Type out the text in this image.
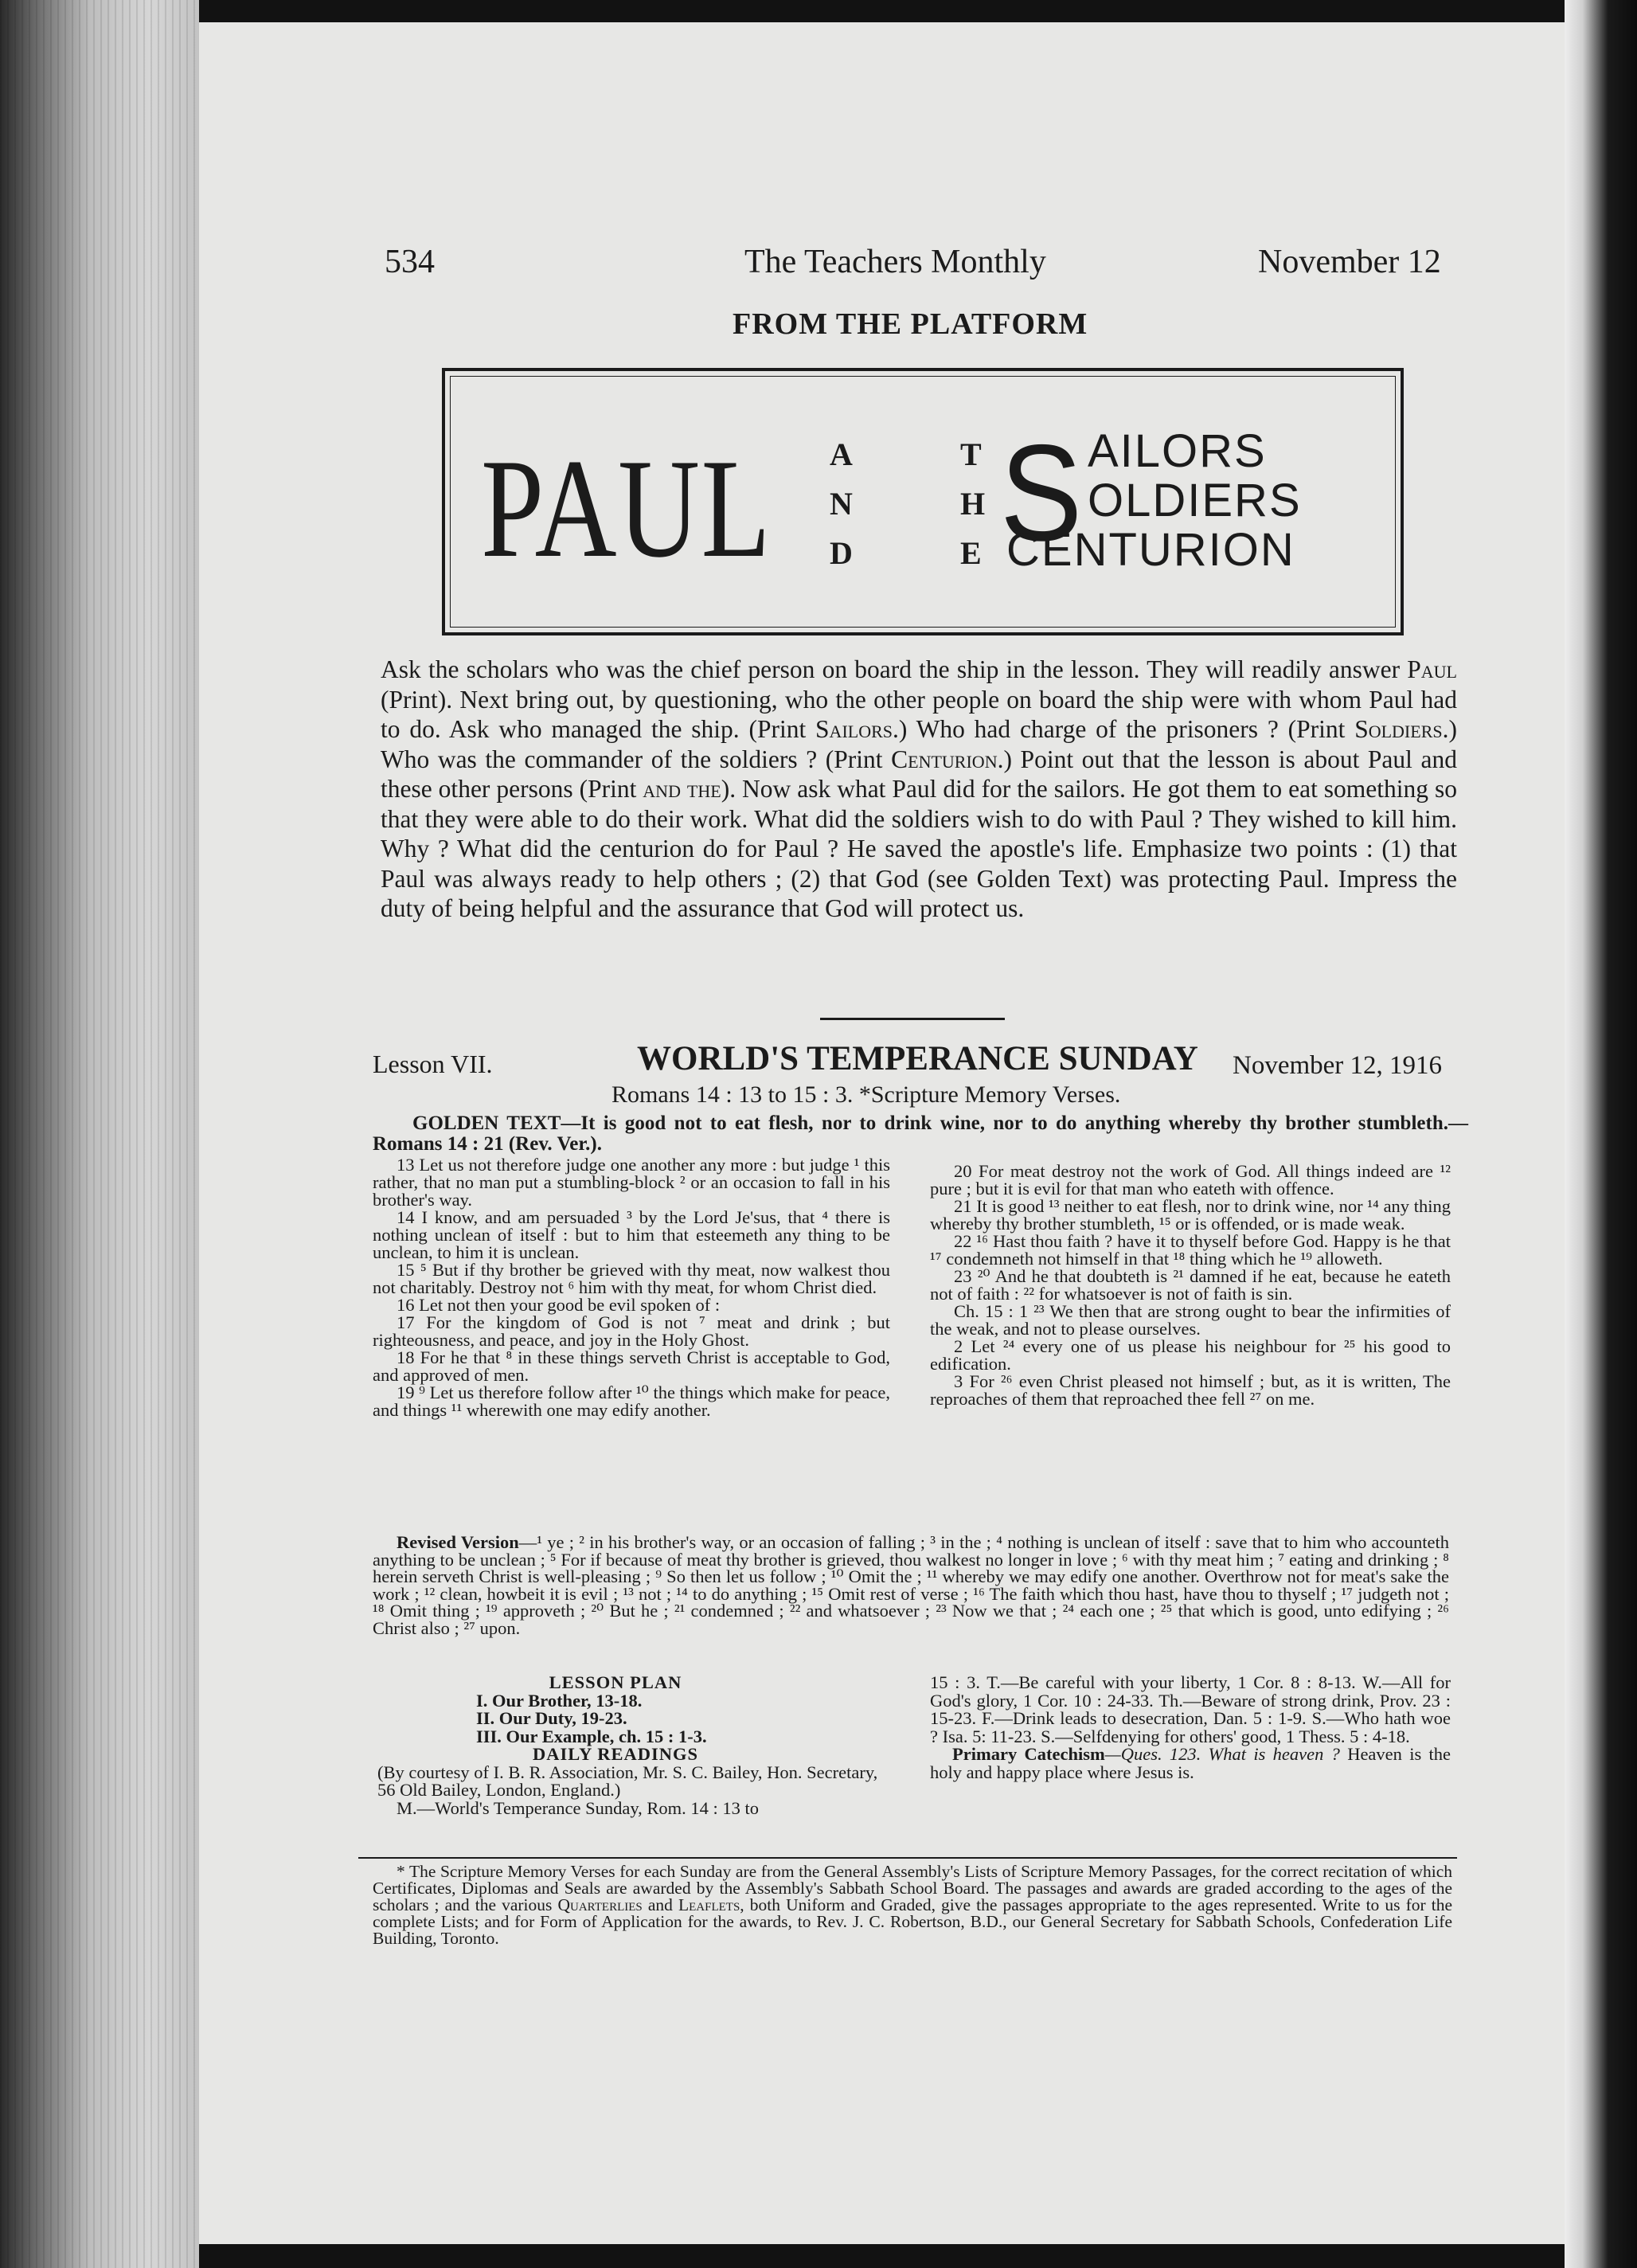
534	The Teachers Monthly	November 12
FROM THE PLATFORM
PAUL A
N
D
T
H
E S AILORS
OLDIERS
CENTURION
Ask the scholars who was the chief person on board the ship in the lesson. They will readily answer Paul (Print). Next bring out, by questioning, who the other people on board the ship were with whom Paul had to do. Ask who managed the ship. (Print Sailors.) Who had charge of the prisoners ? (Print Soldiers.) Who was the commander of the soldiers ? (Print Centurion.) Point out that the lesson is about Paul and these other persons (Print and the). Now ask what Paul did for the sailors. He got them to eat something so that they were able to do their work. What did the soldiers wish to do with Paul ? They wished to kill him. Why ? What did the centurion do for Paul ? He saved the apostle's life. Emphasize two points : (1) that Paul was always ready to help others ; (2) that God (see Golden Text) was protecting Paul. Impress the duty of being helpful and the assurance that God will protect us.
Lesson VII.	WORLD'S TEMPERANCE SUNDAY November 12, 1916
Romans 14 : 13 to 15 : 3. *Scripture Memory Verses.
GOLDEN TEXT—It is good not to eat flesh, nor to drink wine, nor to do anything whereby thy brother stumbleth.—Romans 14 : 21 (Rev. Ver.).

13 Let us not therefore judge one another any more : but judge ¹ this rather, that no man put a stumbling-block ² or an occasion to fall in his brother's way.

14 I know, and am persuaded ³ by the Lord Je'sus, that ⁴ there is nothing unclean of itself : but to him that esteemeth any thing to be unclean, to him it is unclean.

15 ⁵ But if thy brother be grieved with thy meat, now walkest thou not charitably. Destroy not ⁶ him with thy meat, for whom Christ died.

16 Let not then your good be evil spoken of :

17 For the kingdom of God is not ⁷ meat and drink ; but righteousness, and peace, and joy in the Holy Ghost.

18 For he that ⁸ in these things serveth Christ is acceptable to God, and approved of men.

19 ⁹ Let us therefore follow after ¹⁰ the things which make for peace, and things ¹¹ wherewith one may edify another.

20 For meat destroy not the work of God. All things indeed are ¹² pure ; but it is evil for that man who eateth with offence.

21 It is good ¹³ neither to eat flesh, nor to drink wine, nor ¹⁴ any thing whereby thy brother stumbleth, ¹⁵ or is offended, or is made weak.

22 ¹⁶ Hast thou faith ? have it to thyself before God. Happy is he that ¹⁷ condemneth not himself in that ¹⁸ thing which he ¹⁹ alloweth.

23 ²⁰ And he that doubteth is ²¹ damned if he eat, because he eateth not of faith : ²² for whatsoever is not of faith is sin.

Ch. 15 : 1 ²³ We then that are strong ought to bear the infirmities of the weak, and not to please ourselves.

2 Let ²⁴ every one of us please his neighbour for ²⁵ his good to edification.

3 For ²⁶ even Christ pleased not himself ; but, as it is written, The reproaches of them that reproached thee fell ²⁷ on me.

Revised Version—¹ ye ; ² in his brother's way, or an occasion of falling ; ³ in the ; ⁴ nothing is unclean of itself : save that to him who accounteth anything to be unclean ; ⁵ For if because of meat thy brother is grieved, thou walkest no longer in love ; ⁶ with thy meat him ; ⁷ eating and drinking ; ⁸ herein serveth Christ is well-pleasing ; ⁹ So then let us follow ; ¹⁰ Omit the ; ¹¹ whereby we may edify one another. Overthrow not for meat's sake the work ; ¹² clean, howbeit it is evil ; ¹³ not ; ¹⁴ to do anything ; ¹⁵ Omit rest of verse ; ¹⁶ The faith which thou hast, have thou to thyself ; ¹⁷ judgeth not ; ¹⁸ Omit thing ; ¹⁹ approveth ; ²⁰ But he ; ²¹ condemned ; ²² and whatsoever ; ²³ Now we that ; ²⁴ each one ; ²⁵ that which is good, unto edifying ; ²⁶ Christ also ; ²⁷ upon.
LESSON PLAN
I. Our Brother, 13-18.
II. Our Duty, 19-23.
III. Our Example, ch. 15 : 1-3.
DAILY READINGS
(By courtesy of I. B. R. Association, Mr. S. C. Bailey, Hon. Secretary, 56 Old Bailey, London, England.)
M.—World's Temperance Sunday, Rom. 14 : 13 to

15 : 3. T.—Be careful with your liberty, 1 Cor. 8 : 8-13. W.—All for God's glory, 1 Cor. 10 : 24-33. Th.—Beware of strong drink, Prov. 23 : 15-23. F.—Drink leads to desecration, Dan. 5 : 1-9. S.—Who hath woe ? Isa. 5: 11-23. S.—Selfdenying for others' good, 1 Thess. 5 : 4-18.

Primary Catechism—Ques. 123. What is heaven ? Heaven is the holy and happy place where Jesus is.

* The Scripture Memory Verses for each Sunday are from the General Assembly's Lists of Scripture Memory Passages, for the correct recitation of which Certificates, Diplomas and Seals are awarded by the Assembly's Sabbath School Board. The passages and awards are graded according to the ages of the scholars ; and the various Quarterlies and Leaflets, both Uniform and Graded, give the passages appropriate to the ages represented. Write to us for the complete Lists; and for Form of Application for the awards, to Rev. J. C. Robertson, B.D., our General Secretary for Sabbath Schools, Confederation Life Building, Toronto.
